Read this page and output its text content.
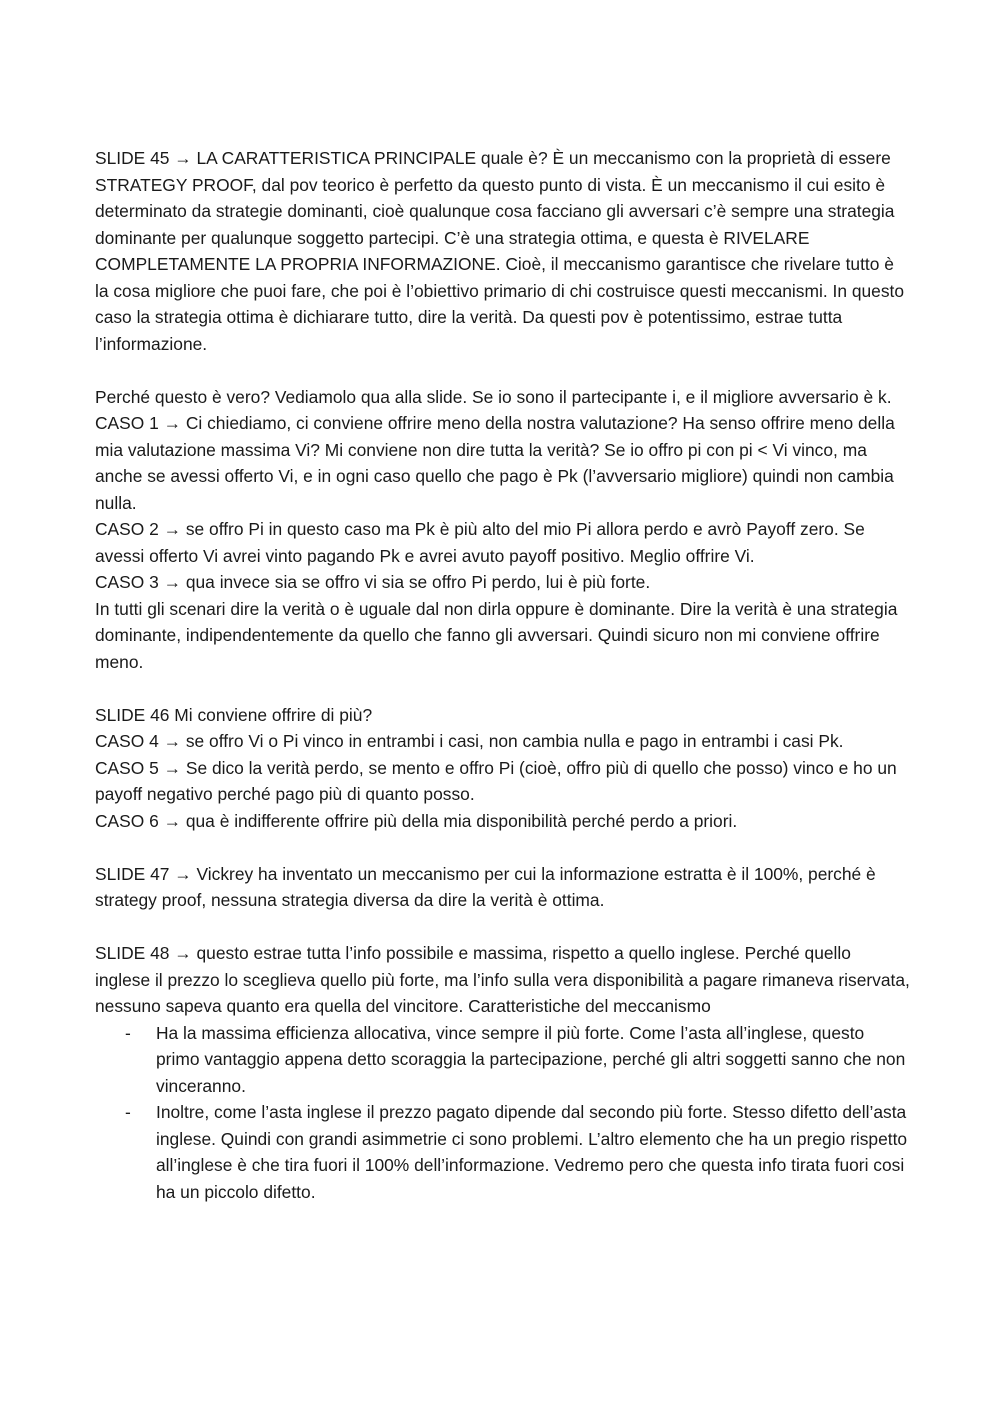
SLIDE 45 → LA CARATTERISTICA PRINCIPALE quale è? È un meccanismo con la proprietà di essere STRATEGY PROOF, dal pov teorico è perfetto da questo punto di vista. È un meccanismo il cui esito è determinato da strategie dominanti, cioè qualunque cosa facciano gli avversari c’è sempre una strategia dominante per qualunque soggetto partecipi. C’è una strategia ottima, e questa è RIVELARE COMPLETAMENTE LA PROPRIA INFORMAZIONE. Cioè, il meccanismo garantisce che rivelare tutto è la cosa migliore che puoi fare, che poi è l’obiettivo primario di chi costruisce questi meccanismi. In questo caso la strategia ottima è dichiarare tutto, dire la verità. Da questi pov è potentissimo, estrae tutta l’informazione.

Perché questo è vero? Vediamolo qua alla slide. Se io sono il partecipante i, e il migliore avversario è k.

CASO 1 → Ci chiediamo, ci conviene offrire meno della nostra valutazione? Ha senso offrire meno della mia valutazione massima Vi? Mi conviene non dire tutta la verità? Se io offro pi con pi < Vi vinco, ma anche se avessi offerto Vi, e in ogni caso quello che pago è Pk (l’avversario migliore) quindi non cambia nulla.

CASO 2 → se offro Pi in questo caso ma Pk è più alto del mio Pi allora perdo e avrò Payoff zero. Se avessi offerto Vi avrei vinto pagando Pk e avrei avuto payoff positivo. Meglio offrire Vi.

CASO 3 → qua invece sia se offro vi sia se offro Pi perdo, lui è più forte.

In tutti gli scenari dire la verità o è uguale dal non dirla oppure è dominante. Dire la verità è una strategia dominante, indipendentemente da quello che fanno gli avversari. Quindi sicuro non mi conviene offrire meno.

SLIDE 46 Mi conviene offrire di più?

CASO 4 → se offro Vi o Pi vinco in entrambi i casi, non cambia nulla e pago in entrambi i casi Pk.

CASO 5 → Se dico la verità perdo, se mento e offro Pi (cioè, offro più di quello che posso) vinco e ho un payoff negativo perché pago più di quanto posso.

CASO 6 → qua è indifferente offrire più della mia disponibilità perché perdo a priori.

SLIDE 47 → Vickrey ha inventato un meccanismo per cui la informazione estratta è il 100%, perché è strategy proof, nessuna strategia diversa da dire la verità è ottima.

SLIDE 48 → questo estrae tutta l’info possibile e massima, rispetto a quello inglese. Perché quello inglese il prezzo lo sceglieva quello più forte, ma l’info sulla vera disponibilità a pagare rimaneva riservata, nessuno sapeva quanto era quella del vincitore. Caratteristiche del meccanismo

- Ha la massima efficienza allocativa, vince sempre il più forte. Come l’asta all’inglese, questo primo vantaggio appena detto scoraggia la partecipazione, perché gli altri soggetti sanno che non vinceranno.
- Inoltre, come l’asta inglese il prezzo pagato dipende dal secondo più forte. Stesso difetto dell’asta inglese. Quindi con grandi asimmetrie ci sono problemi. L’altro elemento che ha un pregio rispetto all’inglese è che tira fuori il 100% dell’informazione. Vedremo pero che questa info tirata fuori cosi ha un piccolo difetto.
